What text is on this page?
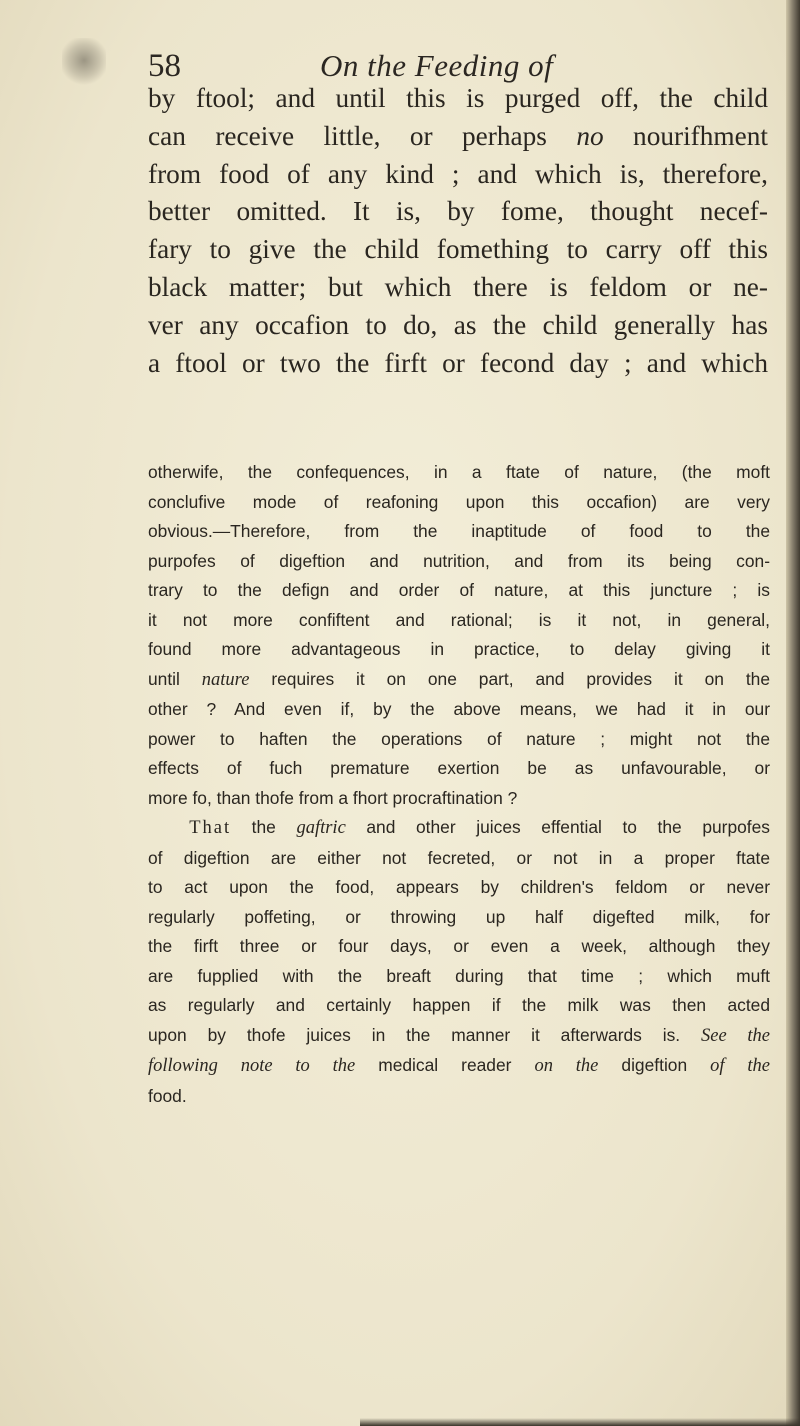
58	On the Feeding of
by ftool; and until this is purged off, the child
can receive little, or perhaps no nourifhment
from food of any kind ; and which is, therefore,
better omitted. It is, by fome, thought necef-
fary to give the child fomething to carry off this
black matter; but which there is feldom or ne-
ver any occafion to do, as the child generally has
a ftool or two the firft or fecond day ; and which
otherwife, the confequences, in a ftate of nature, (the moft
conclufive mode of reafoning upon this occafion) are very
obvious.—Therefore, from the inaptitude of food to the
purpofes of digeftion and nutrition, and from its being con-
trary to the defign and order of nature, at this juncture ; is
it not more confiftent and rational; is it not, in general,
found more advantageous in practice, to delay giving it
until nature requires it on one part, and provides it on the
other ? And even if, by the above means, we had it in our
power to haften the operations of nature ; might not the
effects of fuch premature exertion be as unfavourable, or
more fo, than thofe from a fhort procraftination ?
That the gaftric and other juices effential to the purpofes
of digeftion are either not fecreted, or not in a proper ftate
to act upon the food, appears by children's feldom or never
regularly poffeting, or throwing up half digefted milk, for
the firft three or four days, or even a week, although they
are fupplied with the breaft during that time ; which muft
as regularly and certainly happen if the milk was then acted
upon by thofe juices in the manner it afterwards is. See the
following note to the medical reader on the digeftion of the
food.
